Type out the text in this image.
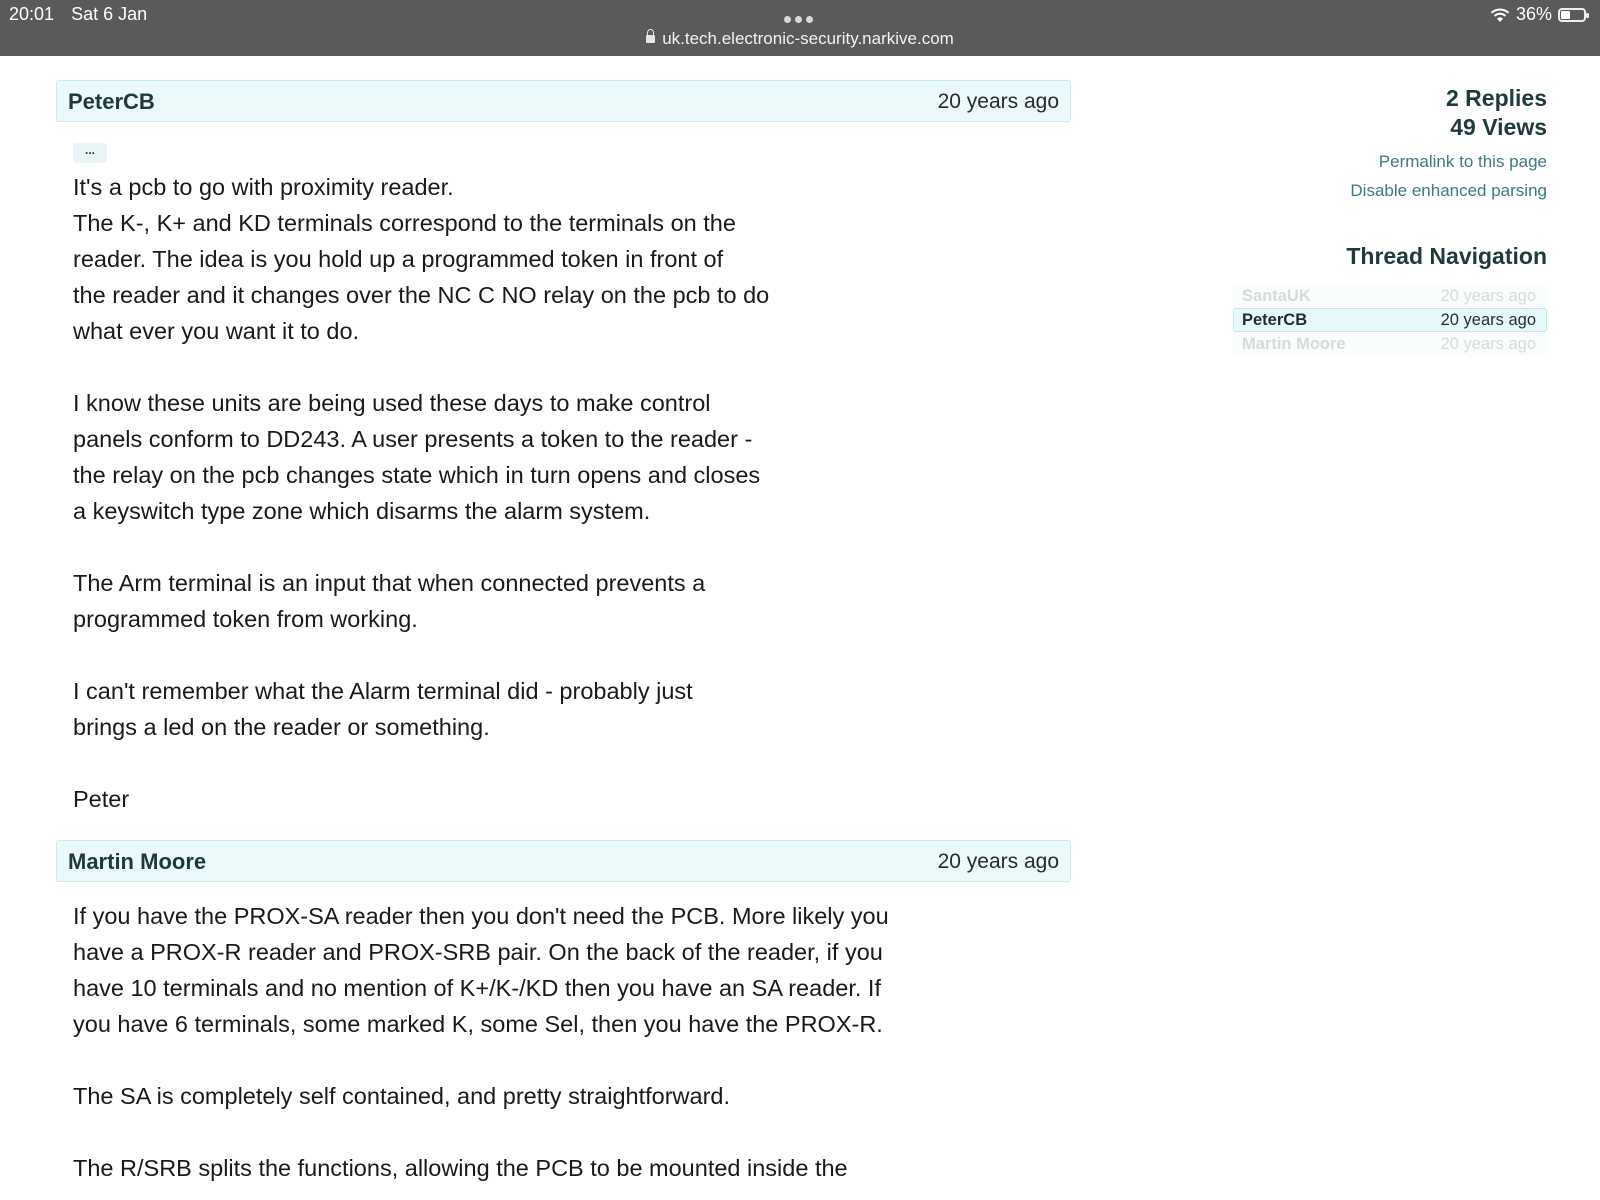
20:01 Sat 6 Jan	36%
uk.tech.electronic-security.narkive.com
PeterCB	20 years ago
...

It's a pcb to go with proximity reader.
The K-, K+ and KD terminals correspond to the terminals on the
reader. The idea is you hold up a programmed token in front of
the reader and it changes over the NC C NO relay on the pcb to do
what ever you want it to do.

I know these units are being used these days to make control
panels conform to DD243. A user presents a token to the reader -
the relay on the pcb changes state which in turn opens and closes
a keyswitch type zone which disarms the alarm system.

The Arm terminal is an input that when connected prevents a
programmed token from working.

I can't remember what the Alarm terminal did - probably just
brings a led on the reader or something.

Peter

Martin Moore	20 years ago

If you have the PROX-SA reader then you don't need the PCB. More likely you
have a PROX-R reader and PROX-SRB pair. On the back of the reader, if you
have 10 terminals and no mention of K+/K-/KD then you have an SA reader. If
you have 6 terminals, some marked K, some Sel, then you have the PROX-R.

The SA is completely self contained, and pretty straightforward.

The R/SRB splits the functions, allowing the PCB to be mounted inside the

2 Replies
49 Views
Permalink to this page
Disable enhanced parsing
Thread Navigation
SantaUK	20 years ago
PeterCB	20 years ago
Martin Moore	20 years ago
